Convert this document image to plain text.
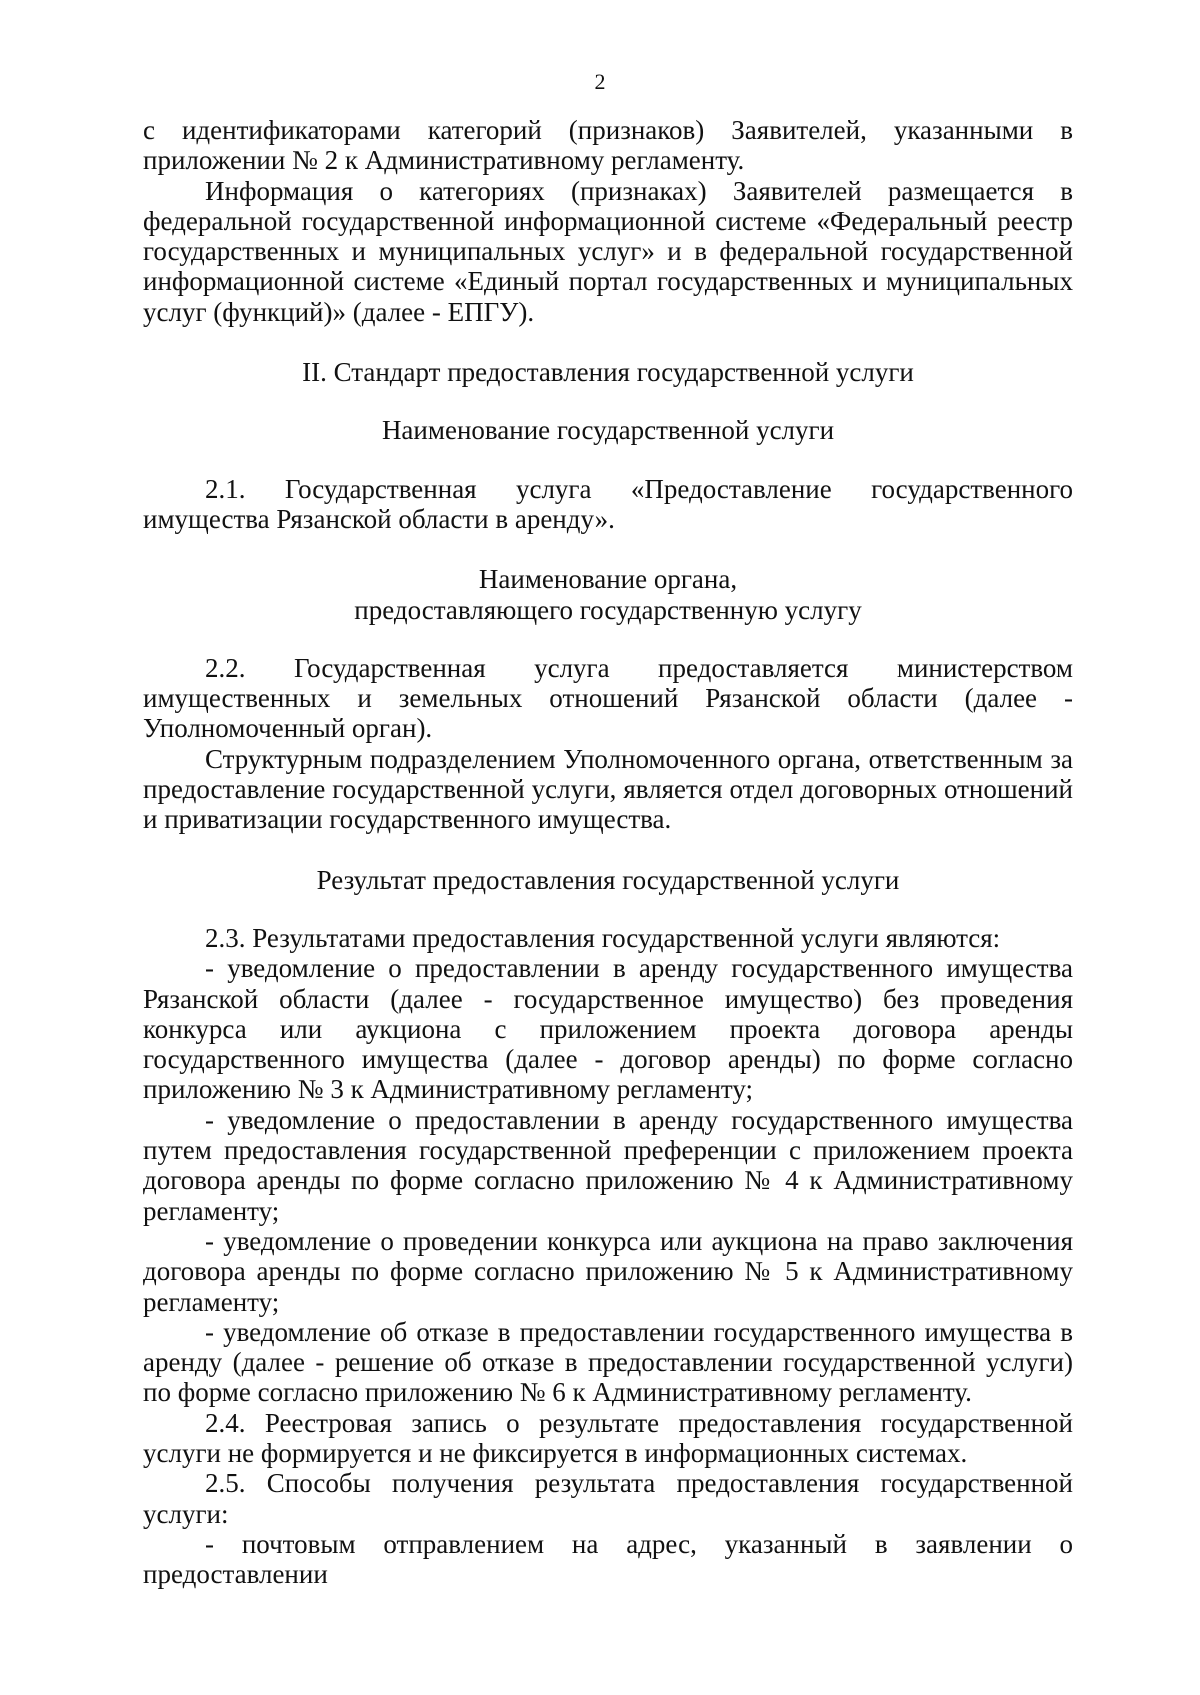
2

с идентификаторами категорий (признаков) Заявителей, указанными в приложении № 2 к Административному регламенту.

Информация о категориях (признаках) Заявителей размещается в федеральной государственной информационной системе «Федеральный реестр государственных и муниципальных услуг» и в федеральной государственной информационной системе «Единый портал государственных и муниципальных услуг (функций)» (далее - ЕПГУ).

II. Стандарт предоставления государственной услуги
Наименование государственной услуги

2.1. Государственная услуга «Предоставление государственного имущества Рязанской области в аренду».

Наименование органа,
предоставляющего государственную услугу

2.2. Государственная услуга предоставляется министерством имущественных и земельных отношений Рязанской области (далее - Уполномоченный орган).

Структурным подразделением Уполномоченного органа, ответственным за предоставление государственной услуги, является отдел договорных отношений и приватизации государственного имущества.

Результат предоставления государственной услуги

2.3. Результатами предоставления государственной услуги являются:

- уведомление о предоставлении в аренду государственного имущества Рязанской области (далее - государственное имущество) без проведения конкурса или аукциона с приложением проекта договора аренды государственного имущества (далее - договор аренды) по форме согласно приложению № 3 к Административному регламенту;

- уведомление о предоставлении в аренду государственного имущества путем предоставления государственной преференции с приложением проекта договора аренды по форме согласно приложению № 4 к Административному регламенту;

- уведомление о проведении конкурса или аукциона на право заключения договора аренды по форме согласно приложению № 5 к Административному регламенту;

- уведомление об отказе в предоставлении государственного имущества в аренду (далее - решение об отказе в предоставлении государственной услуги) по форме согласно приложению № 6 к Административному регламенту.

2.4. Реестровая запись о результате предоставления государственной услуги не формируется и не фиксируется в информационных системах.

2.5. Способы получения результата предоставления государственной услуги:

- почтовым отправлением на адрес, указанный в заявлении о предоставлении
